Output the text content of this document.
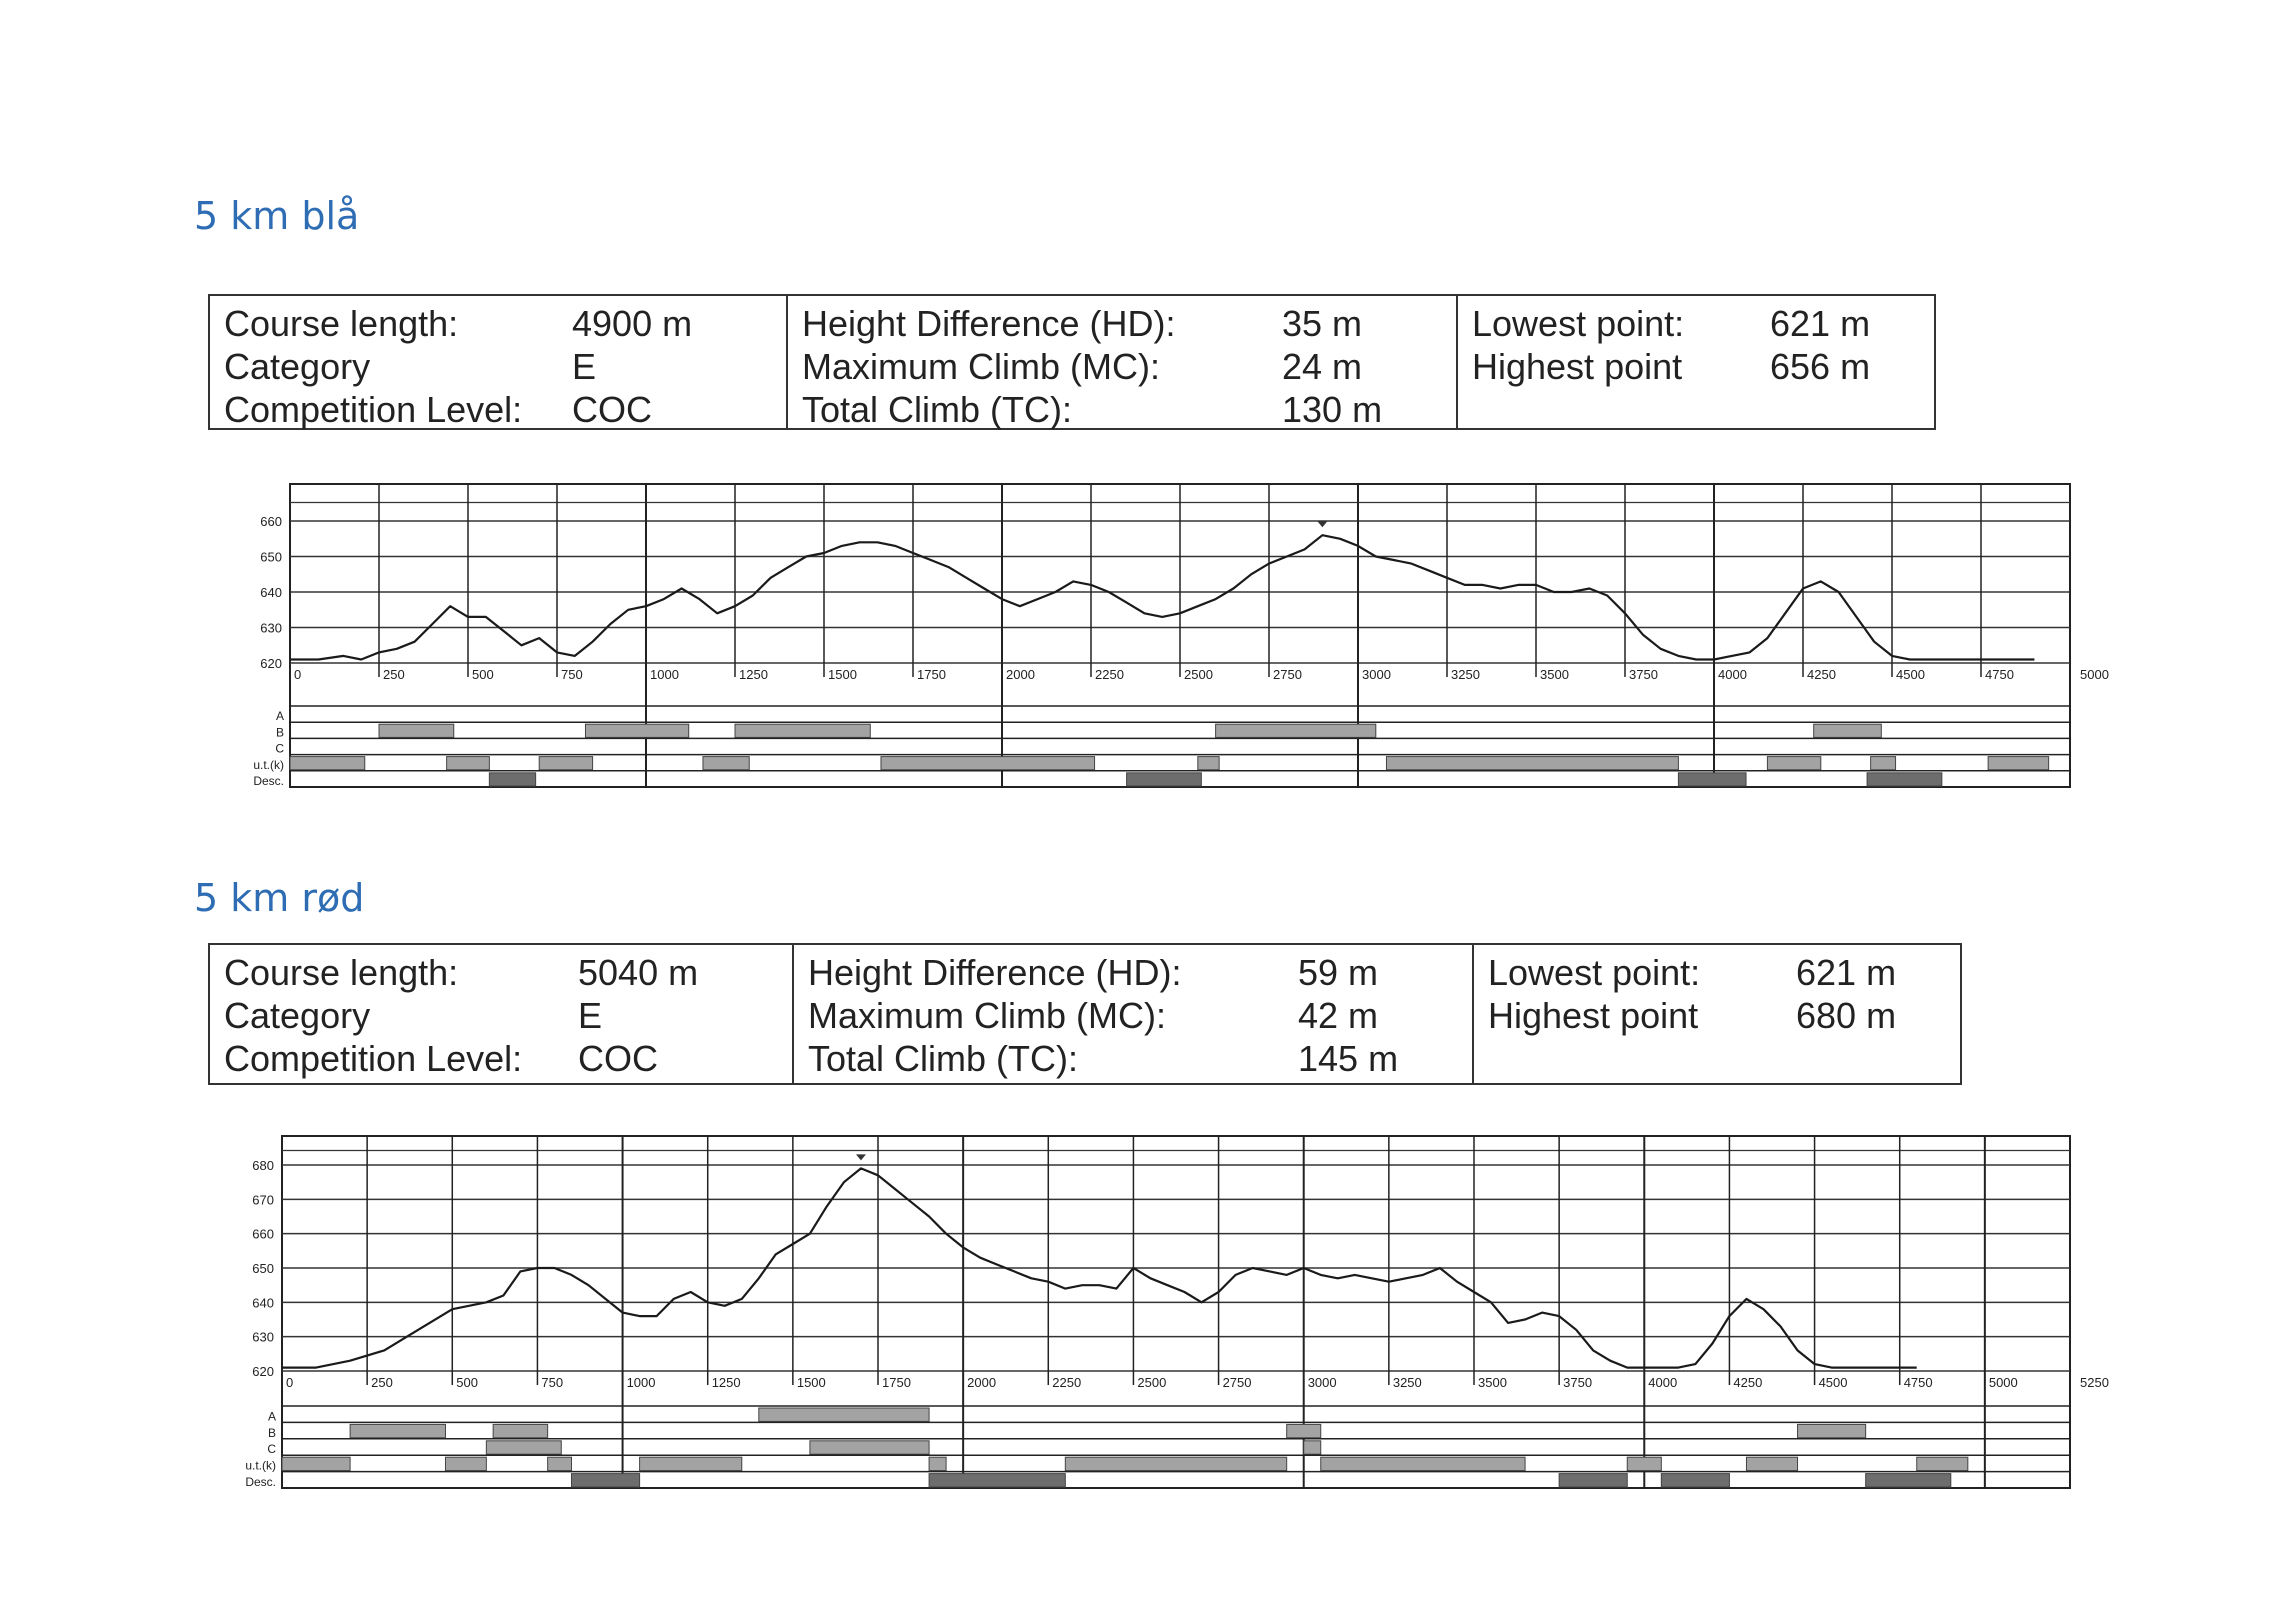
5 km blå
Course length:	4900 m
Category	E
Competition Level:	COC
Height Difference (HD):	35 m
Maximum Climb (MC):	24 m
Total Climb (TC):	130 m
Lowest point:	621 m
Highest point	656 m
5 km rød
Course length:	5040 m
Category	E
Competition Level:	COC
Height Difference (HD):	59 m
Maximum Climb (MC):	42 m
Total Climb (TC):	145 m
Lowest point:	621 m
Highest point	680 m
620
630
640
650
660
0	250	500	750	1000	1250	1500	1750	2000	2250	2500	2750	3000	3250	3500	3750	4000	4250	4500	4750	5000
A
B
C
u.t.(k)
Desc.
620
630
640
650
660
670
680
0	250	500	750	1000	1250	1500	1750	2000	2250	2500	2750	3000	3250	3500	3750	4000	4250	4500	4750	5000	5250
A
B
C
u.t.(k)
Desc.
